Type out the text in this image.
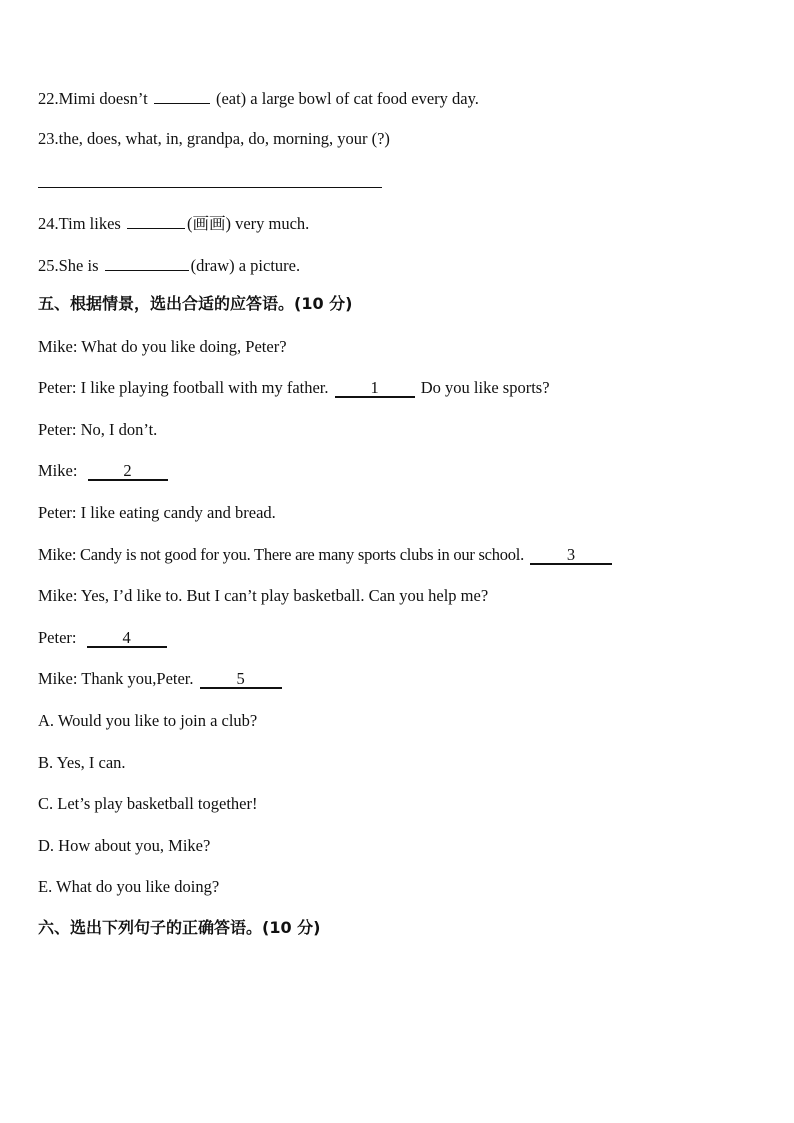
22.Mimi doesn’t	(eat) a large bowl of cat food every day.
23.the, does, what, in, grandpa, do, morning, your (?)
24.Tim likes	(画画) very much.
25.She is	(draw) a picture.
五、根据情景，选出合适的应答语。(10 分)
Mike: What do you like doing, Peter?
Peter: I like playing football with my father.	1 Do you like sports?
Peter: No, I don’t.
Mike:	2
Peter: I like eating candy and bread.
Mike: Candy is not good for you. There are many sports clubs in our school.	3
Mike: Yes, I’d like to. But I can’t play basketball. Can you help me?
Peter:	4
Mike: Thank you,Peter.	5
A. Would you like to join a club?
B. Yes, I can.
C. Let’s play basketball together!
D. How about you, Mike?
E. What do you like doing?
六、选出下列句子的正确答语。(10 分)
